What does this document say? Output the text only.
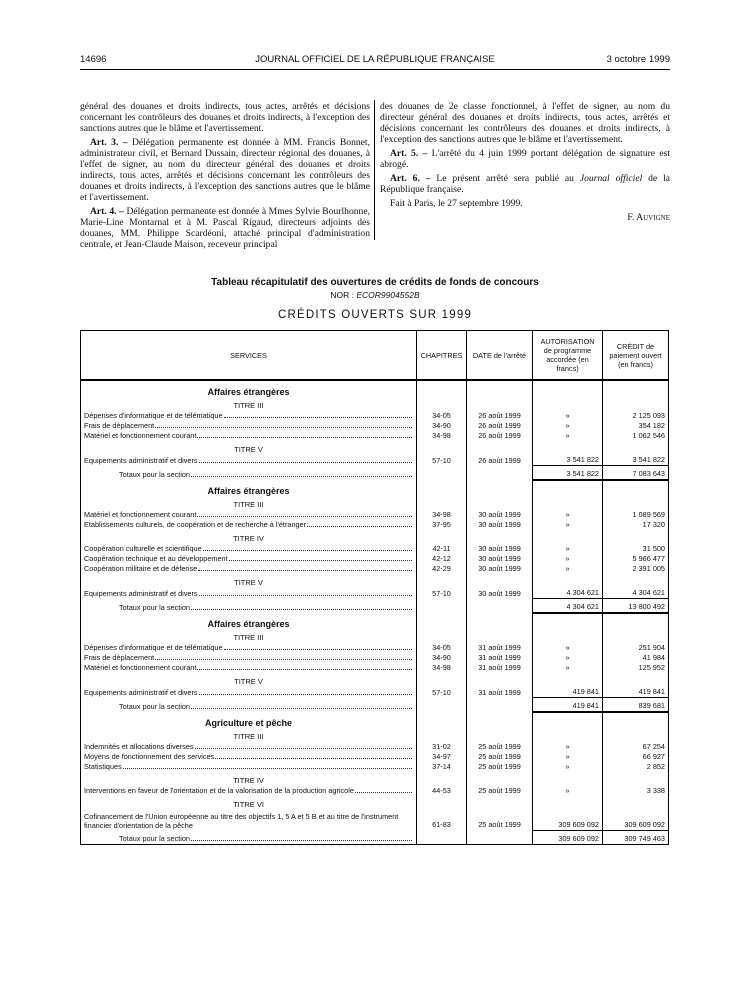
14696	JOURNAL OFFICIEL DE LA RÉPUBLIQUE FRANÇAISE	3 octobre 1999

général des douanes et droits indirects, tous actes, arrêtés et décisions concernant les contrôleurs des douanes et droits indirects, à l'exception des sanctions autres que le blâme et l'avertissement.

Art. 3. – Délégation permanente est donnée à MM. Francis Bonnet, administrateur civil, et Bernard Dussain, directeur régional des douanes, à l'effet de signer, au nom du directeur général des douanes et droits indirects, tous actes, arrêtés et décisions concernant les contrôleurs des douanes et droits indirects, à l'exception des sanctions autres que le blâme et l'avertissement.

Art. 4. – Délégation permanente est donnée à Mmes Sylvie Bourlhonne, Marie-Line Montarnal et à M. Pascal Rigaud, directeurs adjoints des douanes, MM. Philippe Scardéoni, attaché principal d'administration centrale, et Jean-Claude Maison, receveur principal

des douanes de 2e classe fonctionnel, à l'effet de signer, au nom du directeur général des douanes et droits indirects, tous actes, arrêtés et décisions concernant les contrôleurs des douanes et droits indirects, à l'exception des sanctions autres que le blâme et l'avertissement.

Art. 5. – L'arrêté du 4 juin 1999 portant délégation de signature est abrogé.

Art. 6. – Le présent arrêté sera publié au Journal officiel de la République française.

Fait à Paris, le 27 septembre 1999.

F. Auvigne

Tableau récapitulatif des ouvertures de crédits de fonds de concours
NOR : ECOR9904552B
CRÉDITS OUVERTS SUR 1999
SERVICES	CHAPITRES	DATE de l'arrêté	AUTORISATION de programme accordée (en francs)	CRÉDIT de paiement ouvert (en francs)
Affaires étrangères				
TITRE III				

Dépenses d'informatique et de télématique	34-05	26 août 1999	»	2 125 093

Frais de déplacement	34-90	26 août 1999	»	354 182

Matériel et fonctionnement courant	34-98	26 août 1999	»	1 062 546
TITRE V				

Equipements administratif et divers	57-10	26 août 1999	3 541 822	3 541 822

Totaux pour la section			3 541 822	7 083 643
Affaires étrangères				
TITRE III				

Matériel et fonctionnement courant	34-98	30 août 1999	»	1 089 569

Etablissements culturels, de coopération et de recherche à l'étranger	37-95	30 août 1999	»	17 320
TITRE IV				

Coopération culturelle et scientifique	42-11	30 août 1999	»	31 500

Coopération technique et au développement	42-12	30 août 1999	»	5 966 477

Coopération militaire et de défense	42-29	30 août 1999	»	2 391 005
TITRE V				

Equipements administratif et divers	57-10	30 août 1999	4 304 621	4 304 621

Totaux pour la section			4 304 621	13 800 492
Affaires étrangères				
TITRE III				

Dépenses d'informatique et de télématique	34-05	31 août 1999	»	251 904

Frais de déplacement	34-90	31 août 1999	»	41 984

Matériel et fonctionnement courant	34-98	31 août 1999	»	125 952
TITRE V				

Equipements administratif et divers	57-10	31 août 1999	419 841	419 841

Totaux pour la section			419 841	839 681
Agriculture et pêche				
TITRE III				

Indemnités et allocations diverses	31-02	25 août 1999	»	67 254

Moyens de fonctionnement des services	34-97	25 août 1999	»	66 927

Statistiques	37-14	25 août 1999	»	2 852
TITRE IV				

Interventions en faveur de l'orientation et de la valorisation de la production agricole	44-53	25 août 1999	»	3 338
TITRE VI				
Cofinancement de l'Union européenne au titre des objectifs 1, 5 A et 5 B et au titre de l'instrument financier d'orientation de la pêche	61-83	25 août 1999	309 609 092	309 609 092

Totaux pour la section			309 609 092	309 749 463
